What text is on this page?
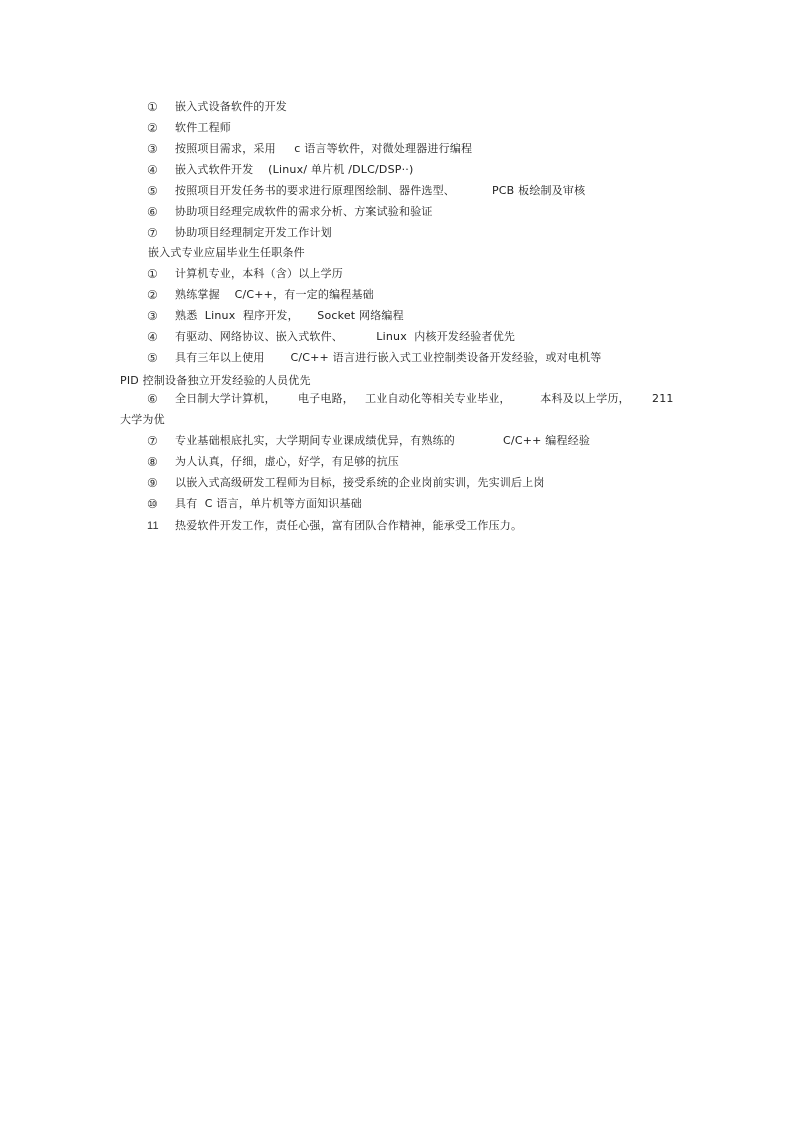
①	嵌入式设备软件的开发
②	软件工程师
③	按照项目需求，采用     c 语言等软件，对微处理器进行编程
④	嵌入式软件开发    (Linux/ 单片机 /DLC/DSP··)
⑤	按照项目开发任务书的要求进行原理图绘制、器件选型、          PCB 板绘制及审核
⑥	协助项目经理完成软件的需求分析、方案试验和验证
⑦	协助项目经理制定开发工作计划
嵌入式专业应届毕业生任职条件
①	计算机专业，本科（含）以上学历
②	熟练掌握    C/C++，有一定的编程基础
③	熟悉  Linux  程序开发，     Socket 网络编程
④	有驱动、网络协议、嵌入式软件、         Linux  内核开发经验者优先
⑤	具有三年以上使用       C/C++ 语言进行嵌入式工业控制类设备开发经验，或对电机等
PID 控制设备独立开发经验的人员优先
⑥	全日制大学计算机，      电子电路，   工业自动化等相关专业毕业，        本科及以上学历，      211
大学为优
⑦	专业基础根底扎实，大学期间专业课成绩优异，有熟练的             C/C++ 编程经验
⑧	为人认真，仔细，虚心，好学，有足够的抗压
⑨	以嵌入式高级研发工程师为目标，接受系统的企业岗前实训，先实训后上岗
⑩	具有  C 语言，单片机等方面知识基础
11	热爱软件开发工作，责任心强，富有团队合作精神，能承受工作压力。
